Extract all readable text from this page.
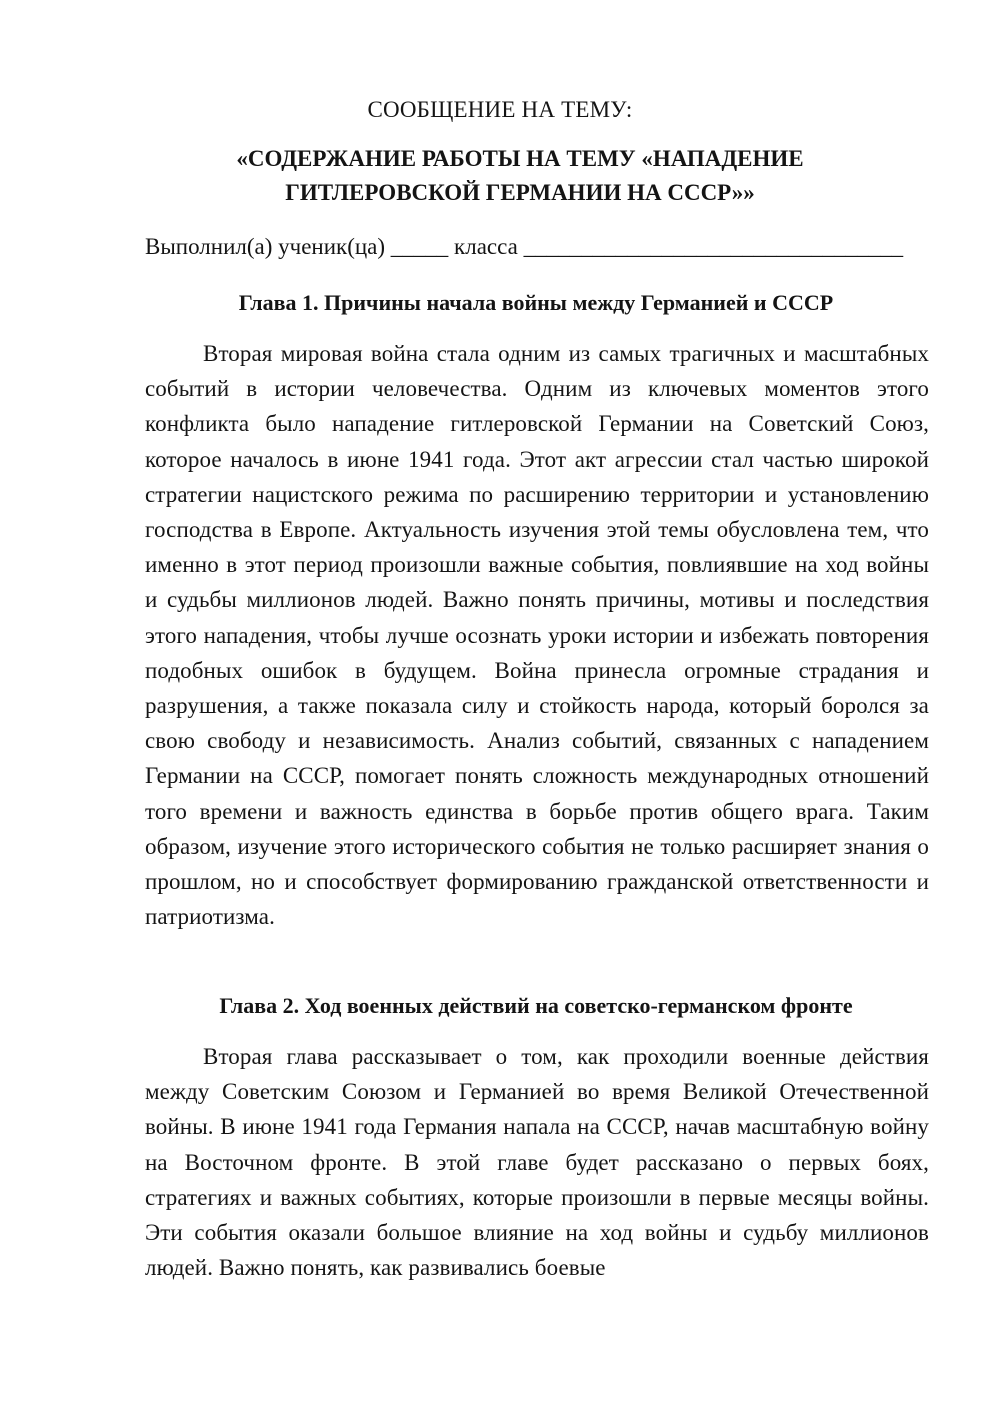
СООБЩЕНИЕ НА ТЕМУ:
«СОДЕРЖАНИЕ РАБОТЫ НА ТЕМУ «НАПАДЕНИЕ ГИТЛЕРОВСКОЙ ГЕРМАНИИ НА СССР»»
Выполнил(а) ученик(ца) _____ класса _________________________________
Глава 1. Причины начала войны между Германией и СССР

Вторая мировая война стала одним из самых трагичных и масштабных событий в истории человечества. Одним из ключевых моментов этого конфликта было нападение гитлеровской Германии на Советский Союз, которое началось в июне 1941 года. Этот акт агрессии стал частью широкой стратегии нацистского режима по расширению территории и установлению господства в Европе. Актуальность изучения этой темы обусловлена тем, что именно в этот период произошли важные события, повлиявшие на ход войны и судьбы миллионов людей. Важно понять причины, мотивы и последствия этого нападения, чтобы лучше осознать уроки истории и избежать повторения подобных ошибок в будущем. Война принесла огромные страдания и разрушения, а также показала силу и стойкость народа, который боролся за свою свободу и независимость. Анализ событий, связанных с нападением Германии на СССР, помогает понять сложность международных отношений того времени и важность единства в борьбе против общего врага. Таким образом, изучение этого исторического события не только расширяет знания о прошлом, но и способствует формированию гражданской ответственности и патриотизма.

Глава 2. Ход военных действий на советско-германском фронте

Вторая глава рассказывает о том, как проходили военные действия между Советским Союзом и Германией во время Великой Отечественной войны. В июне 1941 года Германия напала на СССР, начав масштабную войну на Восточном фронте. В этой главе будет рассказано о первых боях, стратегиях и важных событиях, которые произошли в первые месяцы войны. Эти события оказали большое влияние на ход войны и судьбу миллионов людей. Важно понять, как развивались боевые
